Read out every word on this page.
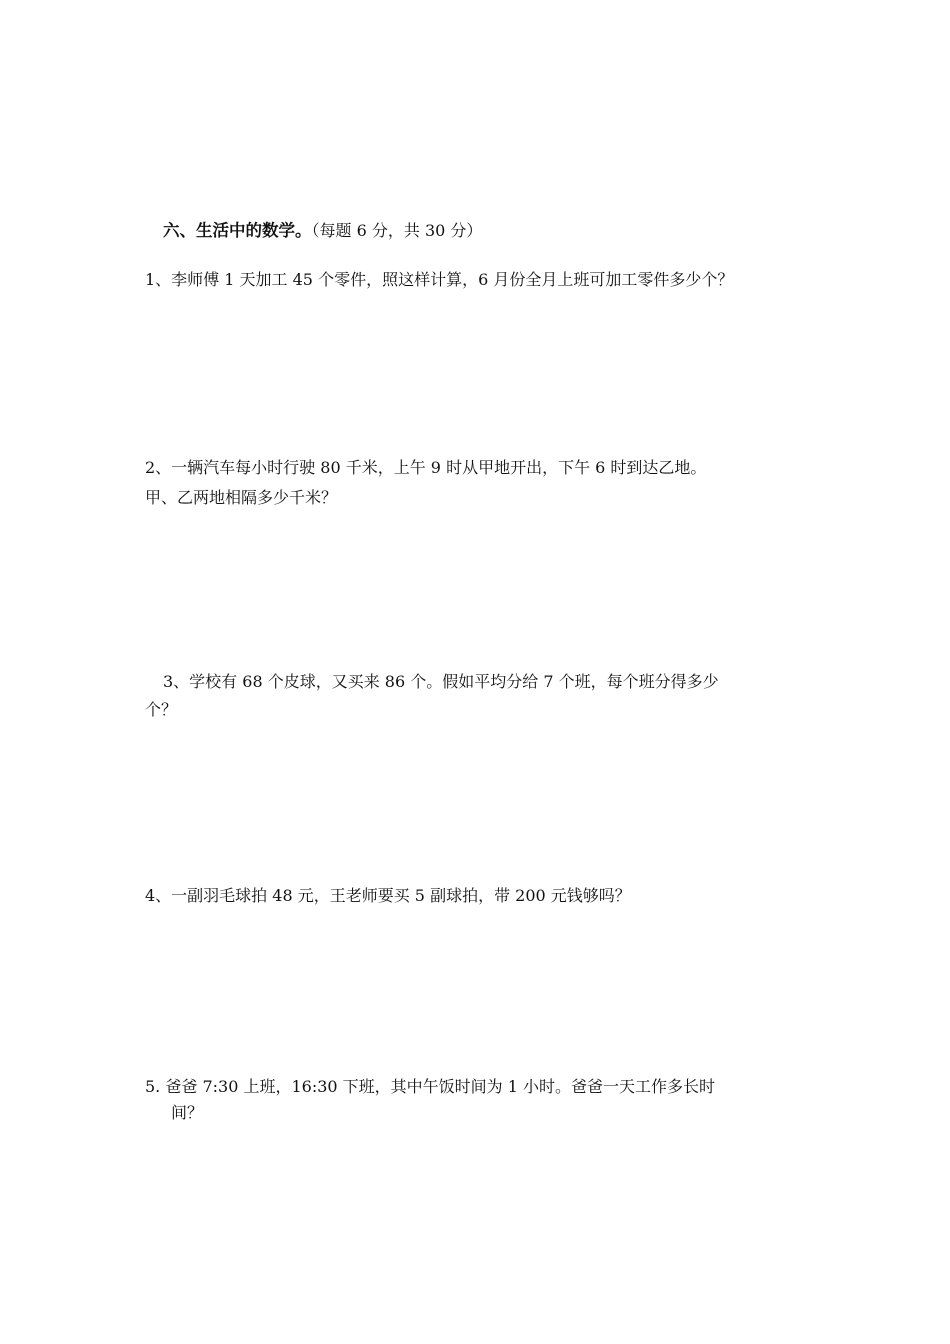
六、生活中的数学。（每题 6 分，共 30 分）
1、李师傅 1 天加工 45 个零件，照这样计算，6 月份全月上班可加工零件多少个？
2、一辆汽车每小时行驶 80 千米，上午 9 时从甲地开出，下午 6 时到达乙地。
甲、乙两地相隔多少千米？
3、学校有 68 个皮球，又买来 86 个。假如平均分给 7 个班，每个班分得多少
个？
4、一副羽毛球拍 48 元，王老师要买 5 副球拍，带 200 元钱够吗？
5. 爸爸 7:30 上班，16:30 下班，其中午饭时间为 1 小时。爸爸一天工作多长时
间？
